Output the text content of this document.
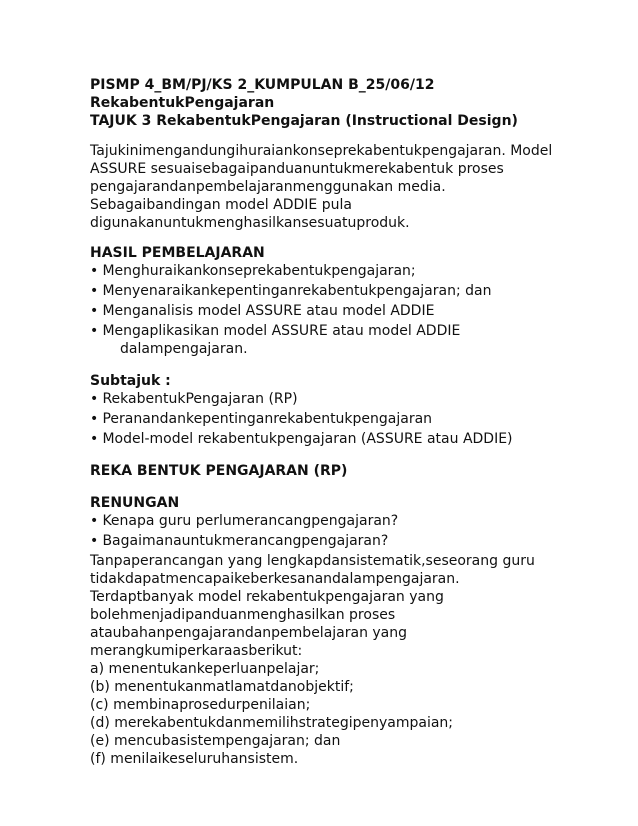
PISMP 4_BM/PJ/KS 2_KUMPULAN B_25/06/12
RekabentukPengajaran
TAJUK 3 RekabentukPengajaran (Instructional Design)
Tajukinimengandungihuraiankonseprekabentukpengajaran. Model
ASSURE sesuaisebagaipanduanuntukmerekabentuk proses
pengajarandanpembelajaranmenggunakan media.
Sebagaibandingan model ADDIE pula
digunakanuntukmenghasilkansesuatuproduk.
HASIL PEMBELAJARAN
• Menghuraikankonseprekabentukpengajaran;
• Menyenaraikankepentinganrekabentukpengajaran; dan
• Menganalisis model ASSURE atau model ADDIE
• Mengaplikasikan model ASSURE atau model ADDIE
dalampengajaran.
Subtajuk :
• RekabentukPengajaran (RP)
• Peranandankepentinganrekabentukpengajaran
• Model-model rekabentukpengajaran (ASSURE atau ADDIE)
REKA BENTUK PENGAJARAN (RP)
RENUNGAN
• Kenapa guru perlumerancangpengajaran?
• Bagaimanauntukmerancangpengajaran?
Tanpaperancangan yang lengkapdansistematik,seseorang guru
tidakdapatmencapaikeberkesanandalampengajaran.
Terdaptbanyak model rekabentukpengajaran yang
bolehmenjadipanduanmenghasilkan proses
ataubahanpengajarandanpembelajaran yang
merangkumiperkaraasberikut:
a) menentukankeperluanpelajar;
(b) menentukanmatlamatdanobjektif;
(c) membinaprosedurpenilaian;
(d) merekabentukdanmemilihstrategipenyampaian;
(e) mencubasistempengajaran; dan
(f) menilaikeseluruhansistem.
